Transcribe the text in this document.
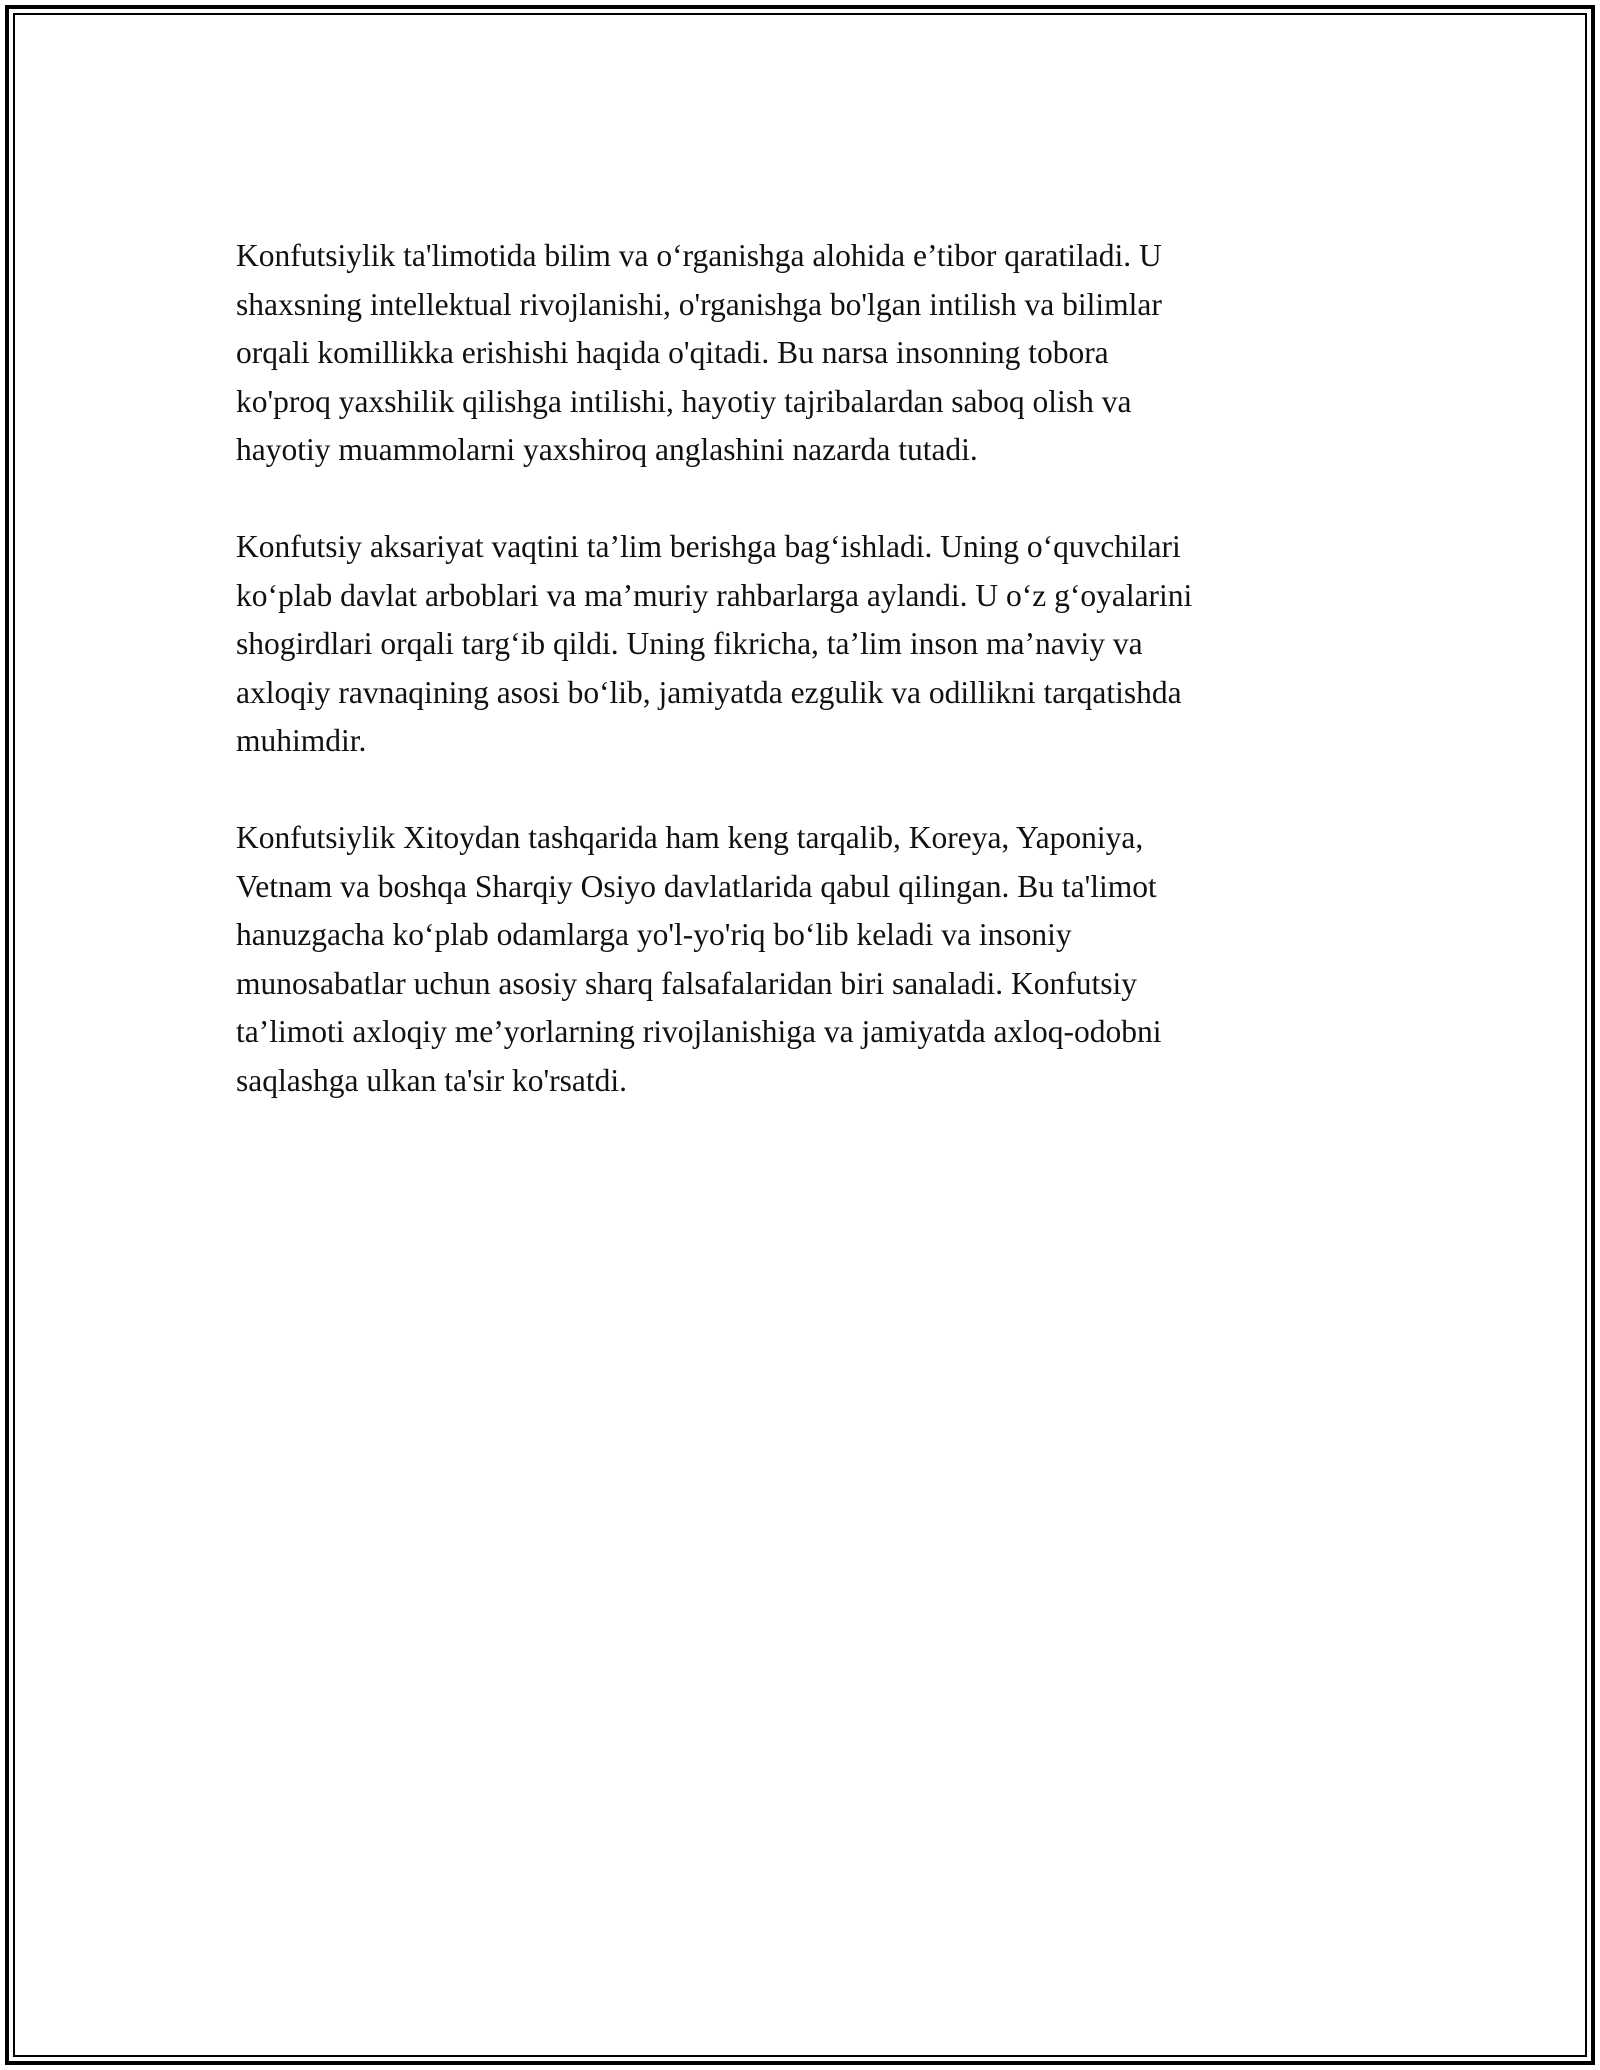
Konfutsiylik ta'limotida bilim va o‘rganishga alohida e’tibor qaratiladi. U
shaxsning intellektual rivojlanishi, o'rganishga bo'lgan intilish va bilimlar
orqali komillikka erishishi haqida o'qitadi. Bu narsa insonning tobora
ko'proq yaxshilik qilishga intilishi, hayotiy tajribalardan saboq olish va
hayotiy muammolarni yaxshiroq anglashini nazarda tutadi.

Konfutsiy aksariyat vaqtini ta’lim berishga bag‘ishladi. Uning o‘quvchilari
ko‘plab davlat arboblari va ma’muriy rahbarlarga aylandi. U o‘z g‘oyalarini
shogirdlari orqali targ‘ib qildi. Uning fikricha, ta’lim inson ma’naviy va
axloqiy ravnaqining asosi bo‘lib, jamiyatda ezgulik va odillikni tarqatishda
muhimdir.

Konfutsiylik Xitoydan tashqarida ham keng tarqalib, Koreya, Yaponiya,
Vetnam va boshqa Sharqiy Osiyo davlatlarida qabul qilingan. Bu ta'limot
hanuzgacha ko‘plab odamlarga yo'l-yo'riq bo‘lib keladi va insoniy
munosabatlar uchun asosiy sharq falsafalaridan biri sanaladi. Konfutsiy
ta’limoti axloqiy me’yorlarning rivojlanishiga va jamiyatda axloq-odobni
saqlashga ulkan ta'sir ko'rsatdi.
